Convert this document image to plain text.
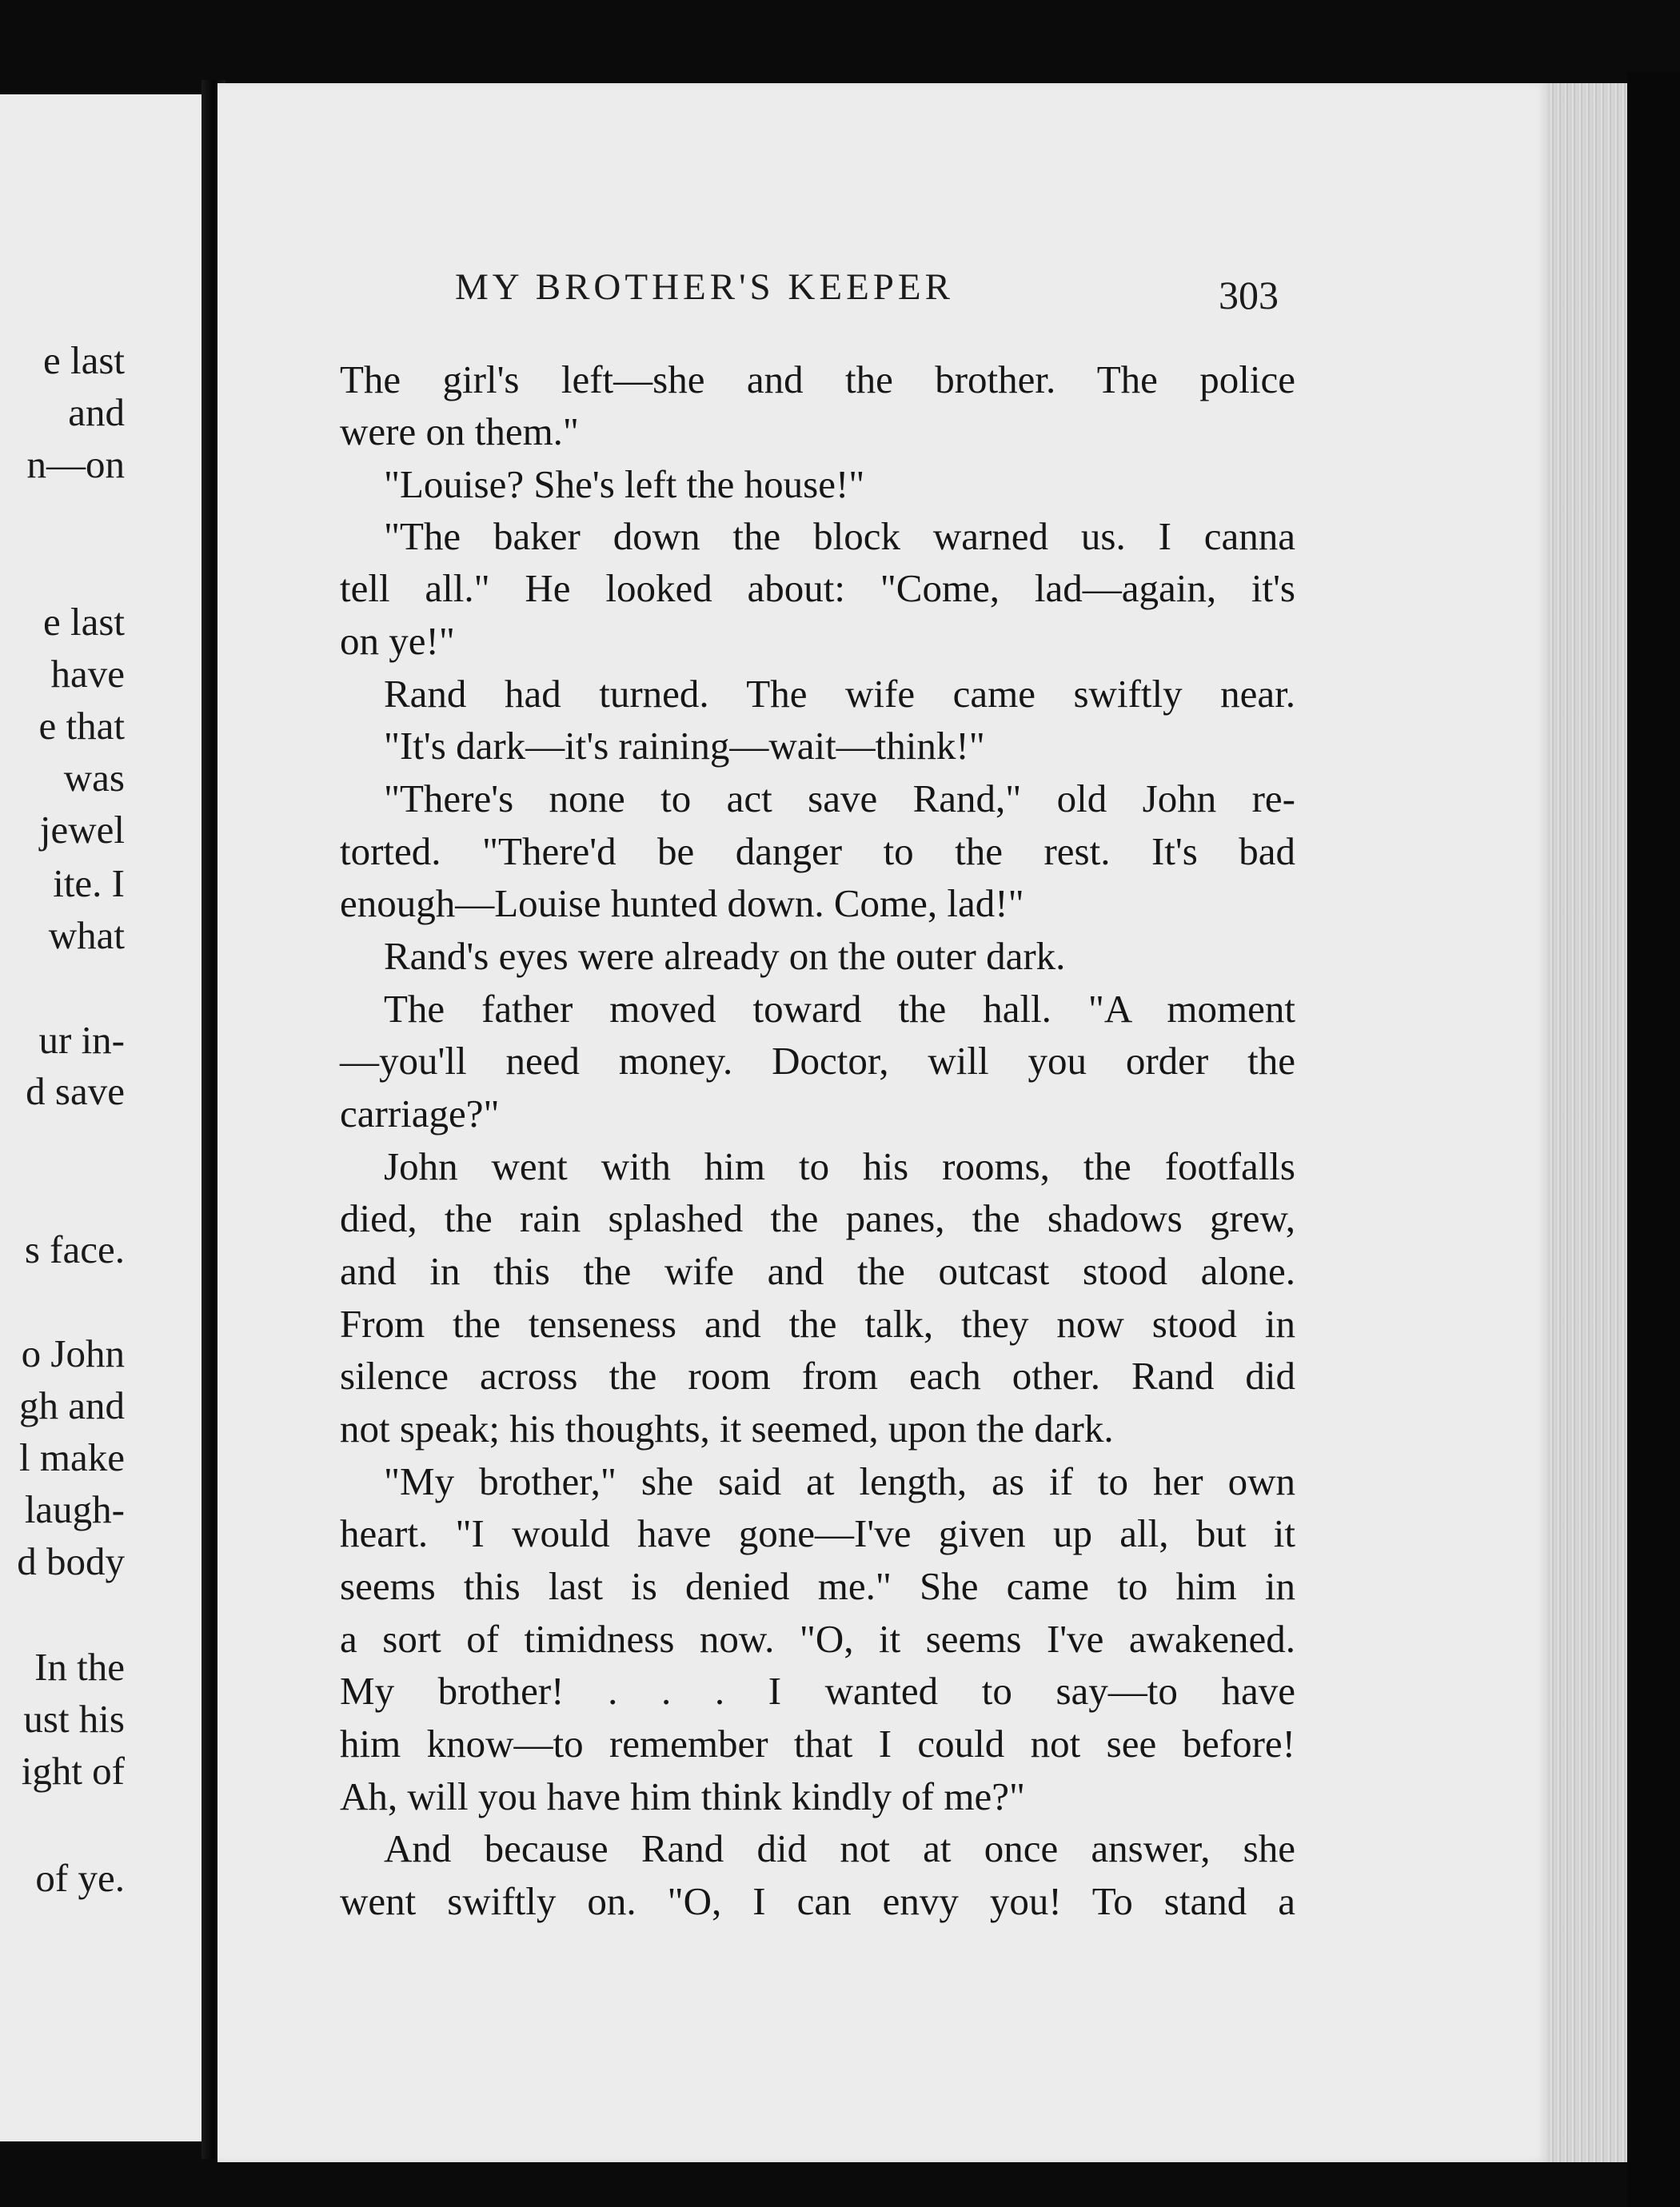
e last
and
n—on
e last
have
e that
was
jewel
ite. I
what
ur in-
d save
s face.
o John
gh and
l make
laugh-
d body
In the
ust his
ight of
of ye.
MY BROTHER'S KEEPER	303
The girl's left—she and the brother. The police
were on them."
"Louise? She's left the house!"
"The baker down the block warned us. I canna
tell all." He looked about: "Come, lad—again, it's
on ye!"
Rand had turned. The wife came swiftly near.
"It's dark—it's raining—wait—think!"
"There's none to act save Rand," old John re-
torted. "There'd be danger to the rest. It's bad
enough—Louise hunted down. Come, lad!"
Rand's eyes were already on the outer dark.
The father moved toward the hall. "A moment
—you'll need money. Doctor, will you order the
carriage?"
John went with him to his rooms, the footfalls
died, the rain splashed the panes, the shadows grew,
and in this the wife and the outcast stood alone.
From the tenseness and the talk, they now stood in
silence across the room from each other. Rand did
not speak; his thoughts, it seemed, upon the dark.
"My brother," she said at length, as if to her own
heart. "I would have gone—I've given up all, but it
seems this last is denied me." She came to him in
a sort of timidness now. "O, it seems I've awakened.
My brother! . . . I wanted to say—to have
him know—to remember that I could not see before!
Ah, will you have him think kindly of me?"
And because Rand did not at once answer, she
went swiftly on. "O, I can envy you! To stand a
